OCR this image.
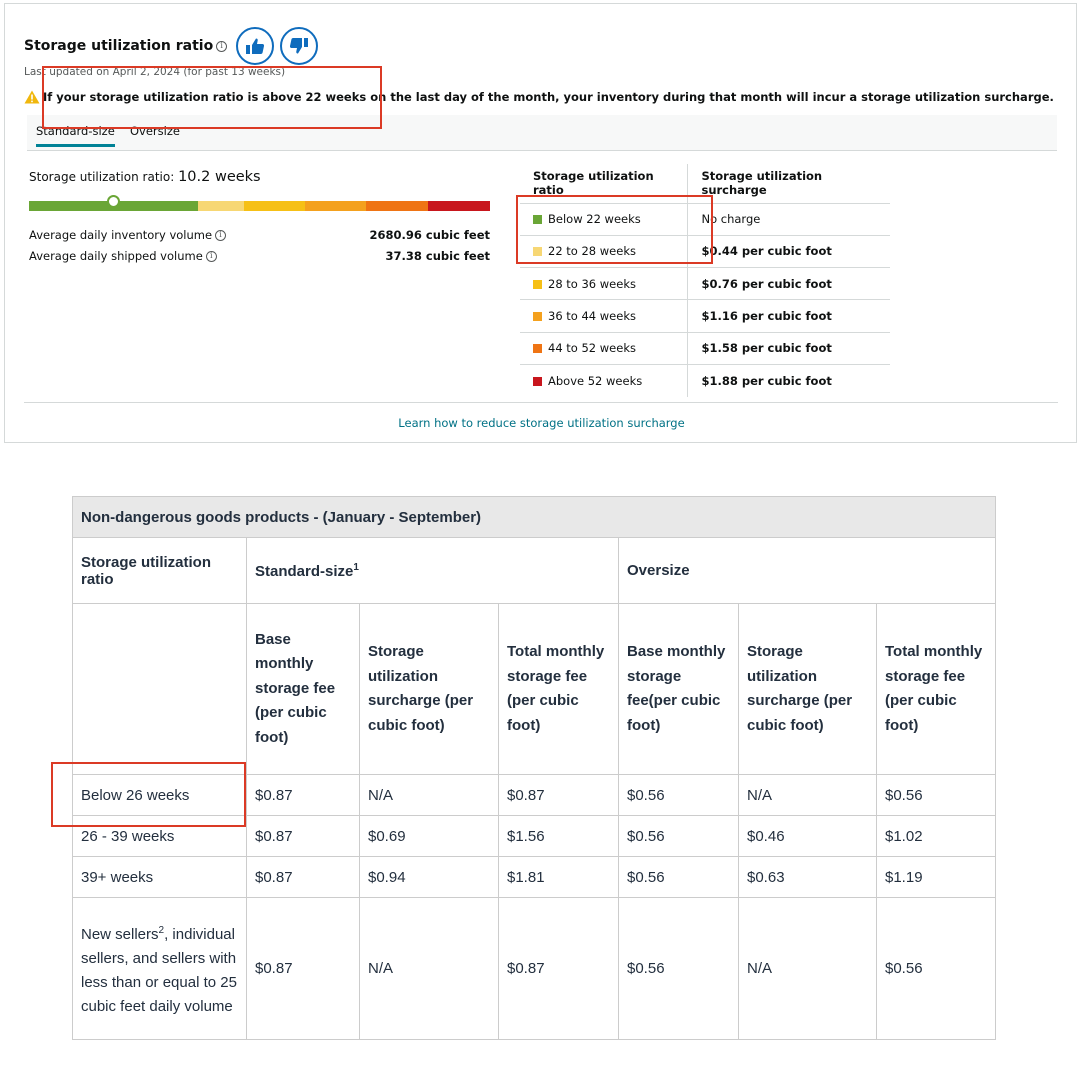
Storage utilization ratio i
Last updated on April 2, 2024 (for past 13 weeks)
If your storage utilization ratio is above 22 weeks on the last day of the month, your inventory during that month will incur a storage utilization surcharge.
Standard-size Oversize
Storage utilization ratio: 10.2 weeks
Average daily inventory volume i	2680.96 cubic feet
Average daily shipped volume i	37.38 cubic feet
Storage utilization ratio	Storage utilization surcharge
Below 22 weeks	No charge
22 to 28 weeks	$0.44 per cubic foot
28 to 36 weeks	$0.76 per cubic foot
36 to 44 weeks	$1.16 per cubic foot
44 to 52 weeks	$1.58 per cubic foot
Above 52 weeks	$1.88 per cubic foot
Learn how to reduce storage utilization surcharge
Non-dangerous goods products - (January - September)						
Storage utilization ratio	Standard-size$^1$			Oversize		
	Base monthly storage fee (per cubic foot)	Storage utilization surcharge (per cubic foot)	Total monthly storage fee (per cubic foot)	Base monthly storage fee(per cubic foot)	Storage utilization surcharge (per cubic foot)	Total monthly storage fee (per cubic foot)
Below 26 weeks	$0.87	N/A	$0.87	$0.56	N/A	$0.56
26 - 39 weeks	$0.87	$0.69	$1.56	$0.56	$0.46	$1.02
39+ weeks	$0.87	$0.94	$1.81	$0.56	$0.63	$1.19
New sellers$^2$, individual sellers, and sellers with less than or equal to 25 cubic feet daily volume	$0.87	N/A	$0.87	$0.56	N/A	$0.56
